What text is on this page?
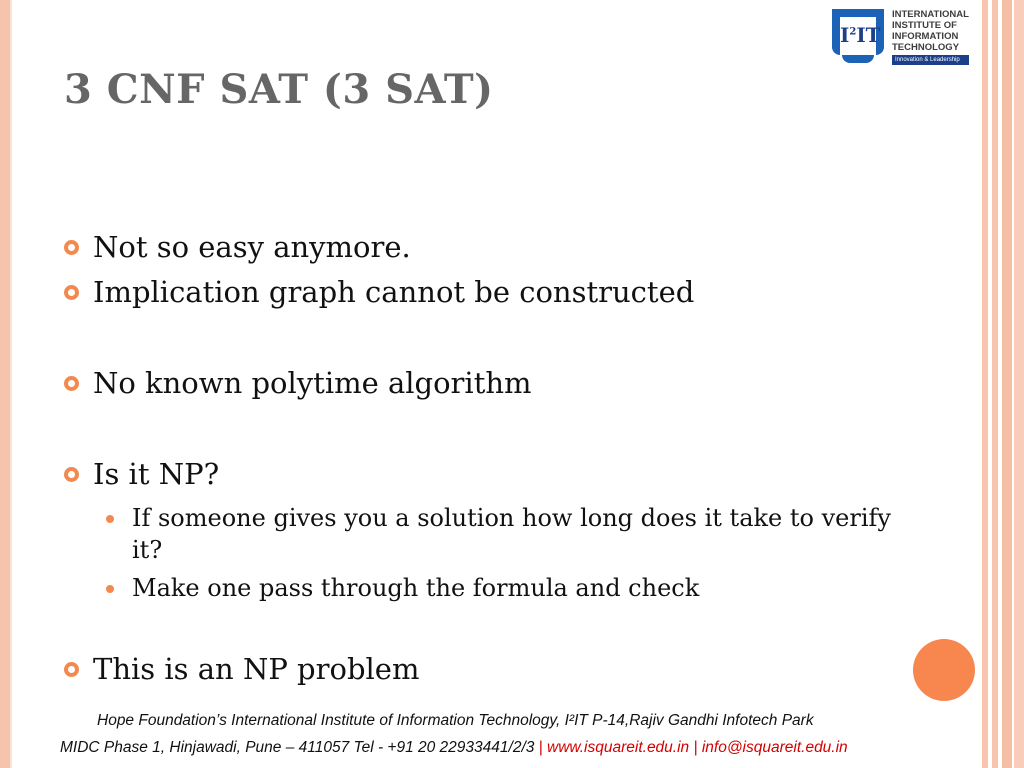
$I^2IT$
INTERNATIONAL
INSTITUTE OF
INFORMATION
TECHNOLOGY
Innovation & Leadership
3 CNF SAT (3 SAT)
Not so easy anymore.
Implication graph cannot be constructed
No known polytime algorithm
Is it NP?
If someone gives you a solution how long does it take to verify it?
Make one pass through the formula and check
This is an NP problem
Hope Foundation’s International Institute of Information Technology, I²IT P-14,Rajiv Gandhi Infotech Park
MIDC Phase 1, Hinjawadi, Pune – 411057 Tel - +91 20 22933441/2/3 | www.isquareit.edu.in | info@isquareit.edu.in
